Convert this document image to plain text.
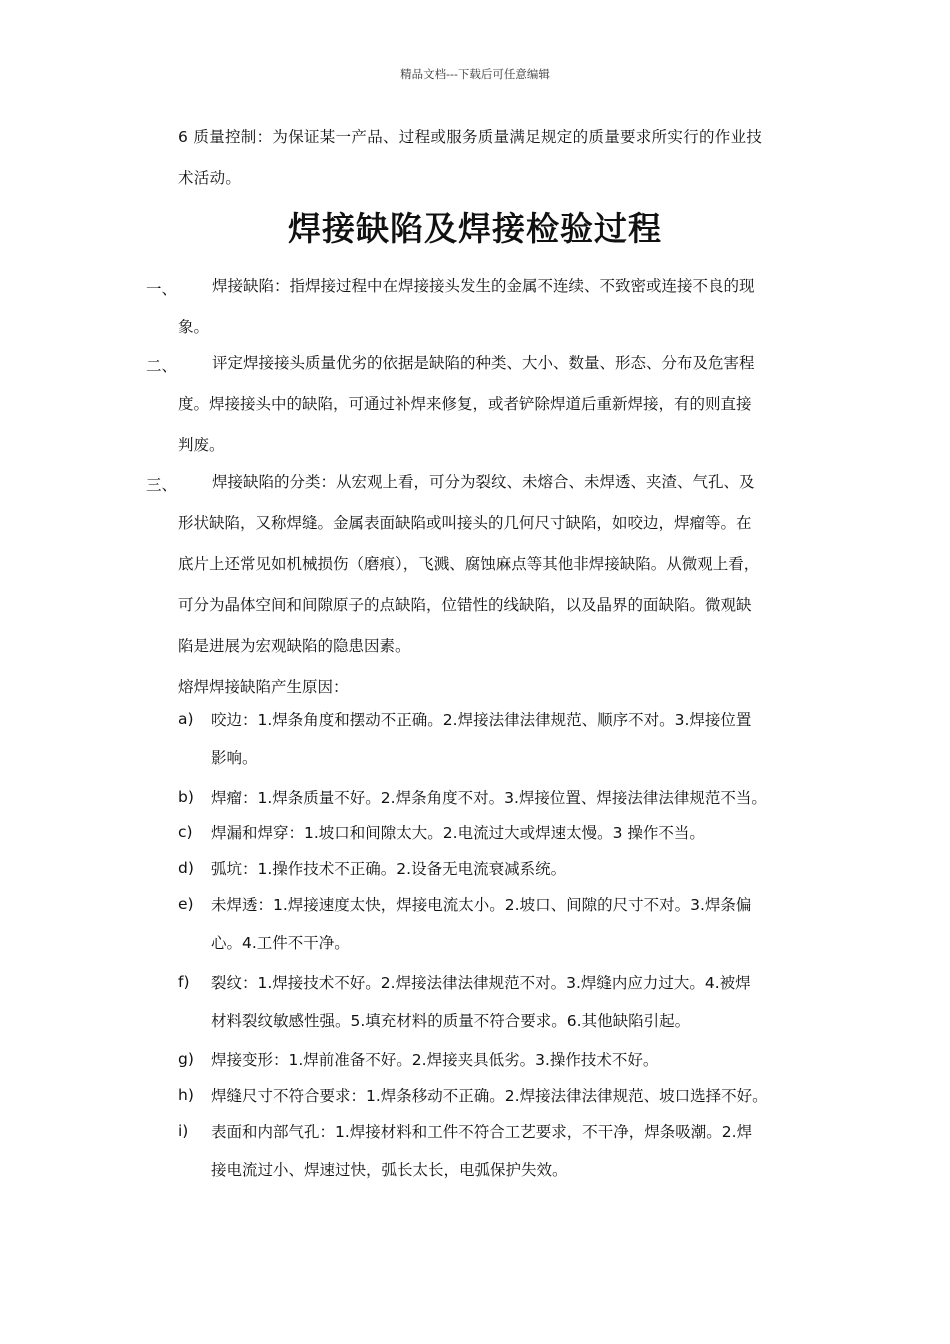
精品文档---下载后可任意编辑
6 质量控制：为保证某一产品、过程或服务质量满足规定的质量要求所实行的作业技
术活动。
焊接缺陷及焊接检验过程
一、	焊接缺陷：指焊接过程中在焊接接头发生的金属不连续、不致密或连接不良的现
象。
二、	评定焊接接头质量优劣的依据是缺陷的种类、大小、数量、形态、分布及危害程
度。焊接接头中的缺陷，可通过补焊来修复，或者铲除焊道后重新焊接，有的则直接
判废。
三、	焊接缺陷的分类：从宏观上看，可分为裂纹、未熔合、未焊透、夹渣、气孔、及
形状缺陷，又称焊缝。金属表面缺陷或叫接头的几何尺寸缺陷，如咬边，焊瘤等。在
底片上还常见如机械损伤（磨痕），飞溅、腐蚀麻点等其他非焊接缺陷。从微观上看，
可分为晶体空间和间隙原子的点缺陷，位错性的线缺陷，以及晶界的面缺陷。微观缺
陷是进展为宏观缺陷的隐患因素。
熔焊焊接缺陷产生原因：
a) 咬边：1.焊条角度和摆动不正确。2.焊接法律法律规范、顺序不对。3.焊接位置
影响。
b) 焊瘤：1.焊条质量不好。2.焊条角度不对。3.焊接位置、焊接法律法律规范不当。
c) 焊漏和焊穿：1.坡口和间隙太大。2.电流过大或焊速太慢。3 操作不当。
d) 弧坑：1.操作技术不正确。2.设备无电流衰减系统。
e) 未焊透：1.焊接速度太快，焊接电流太小。2.坡口、间隙的尺寸不对。3.焊条偏
心。4.工件不干净。
f) 裂纹：1.焊接技术不好。2.焊接法律法律规范不对。3.焊缝内应力过大。4.被焊
材料裂纹敏感性强。5.填充材料的质量不符合要求。6.其他缺陷引起。
g) 焊接变形：1.焊前准备不好。2.焊接夹具低劣。3.操作技术不好。
h) 焊缝尺寸不符合要求：1.焊条移动不正确。2.焊接法律法律规范、坡口选择不好。
i) 表面和内部气孔：1.焊接材料和工件不符合工艺要求，不干净，焊条吸潮。2.焊
接电流过小、焊速过快，弧长太长，电弧保护失效。
